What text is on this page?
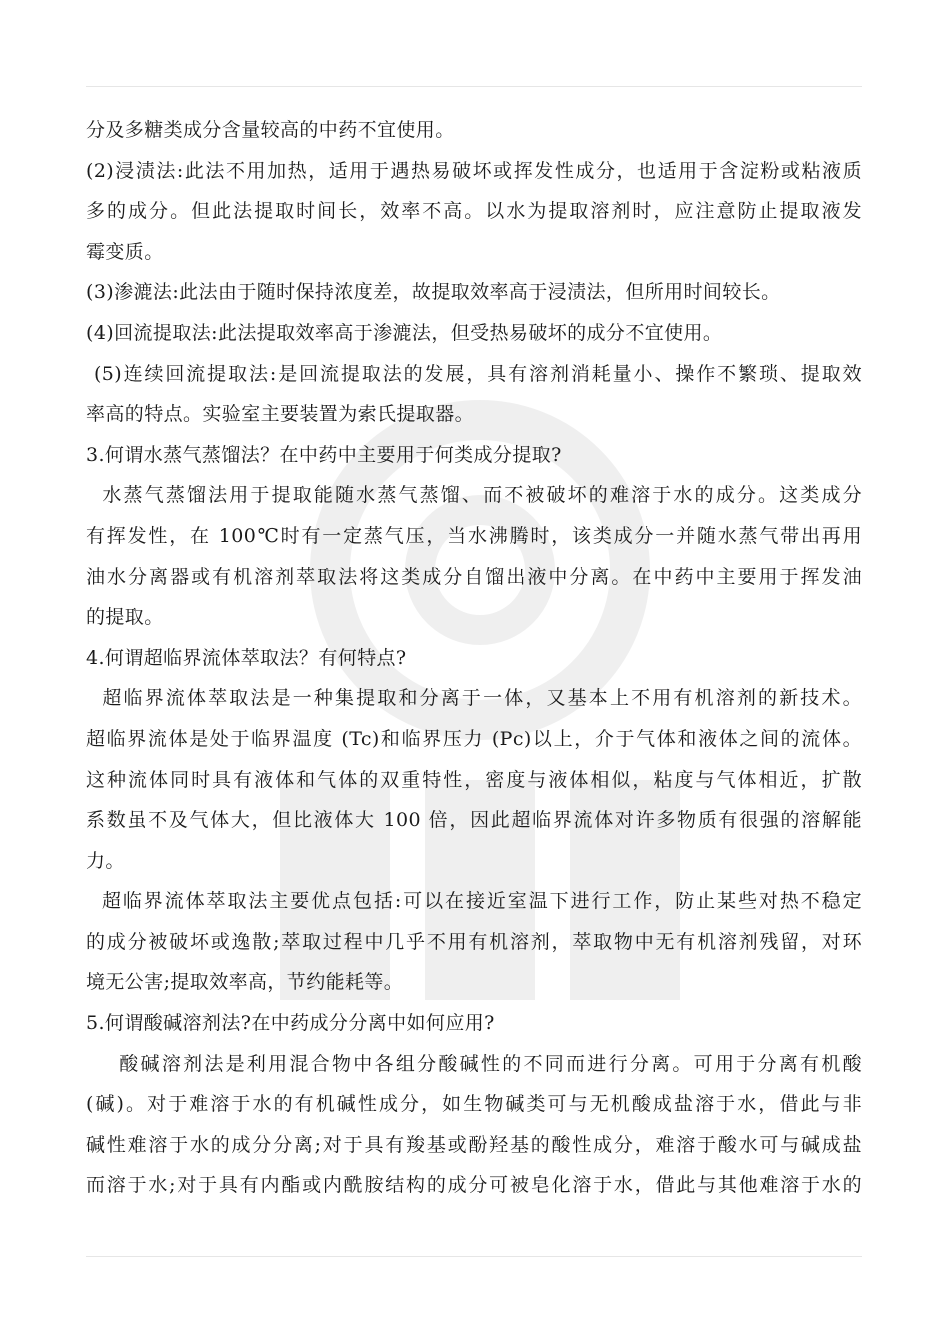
分及多糖类成分含量较高的中药不宜使用。
(2)浸渍法:此法不用加热，适用于遇热易破坏或挥发性成分，也适用于含淀粉或粘液质
多的成分。但此法提取时间长，效率不高。以水为提取溶剂时，应注意防止提取液发
霉变质。
(3)渗漉法:此法由于随时保持浓度差，故提取效率高于浸渍法，但所用时间较长。
(4)回流提取法:此法提取效率高于渗漉法，但受热易破坏的成分不宜使用。
(5)连续回流提取法:是回流提取法的发展，具有溶剂消耗量小、操作不繁琐、提取效
率高的特点。实验室主要装置为索氏提取器。
3.何谓水蒸气蒸馏法？在中药中主要用于何类成分提取?
水蒸气蒸馏法用于提取能随水蒸气蒸馏、而不被破坏的难溶于水的成分。这类成分
有挥发性，在 100℃时有一定蒸气压，当水沸腾时，该类成分一并随水蒸气带出再用
油水分离器或有机溶剂萃取法将这类成分自馏出液中分离。在中药中主要用于挥发油
的提取。
4.何谓超临界流体萃取法？有何特点?
超临界流体萃取法是一种集提取和分离于一体，又基本上不用有机溶剂的新技术。
超临界流体是处于临界温度 (Tc)和临界压力 (Pc)以上，介于气体和液体之间的流体。
这种流体同时具有液体和气体的双重特性，密度与液体相似，粘度与气体相近，扩散
系数虽不及气体大，但比液体大 100 倍，因此超临界流体对许多物质有很强的溶解能
力。
超临界流体萃取法主要优点包括:可以在接近室温下进行工作，防止某些对热不稳定
的成分被破坏或逸散;萃取过程中几乎不用有机溶剂，萃取物中无有机溶剂残留，对环
境无公害;提取效率高，节约能耗等。
5.何谓酸碱溶剂法?在中药成分分离中如何应用?
酸碱溶剂法是利用混合物中各组分酸碱性的不同而进行分离。可用于分离有机酸
(碱)。对于难溶于水的有机碱性成分，如生物碱类可与无机酸成盐溶于水，借此与非
碱性难溶于水的成分分离;对于具有羧基或酚羟基的酸性成分，难溶于酸水可与碱成盐
而溶于水;对于具有内酯或内酰胺结构的成分可被皂化溶于水，借此与其他难溶于水的
